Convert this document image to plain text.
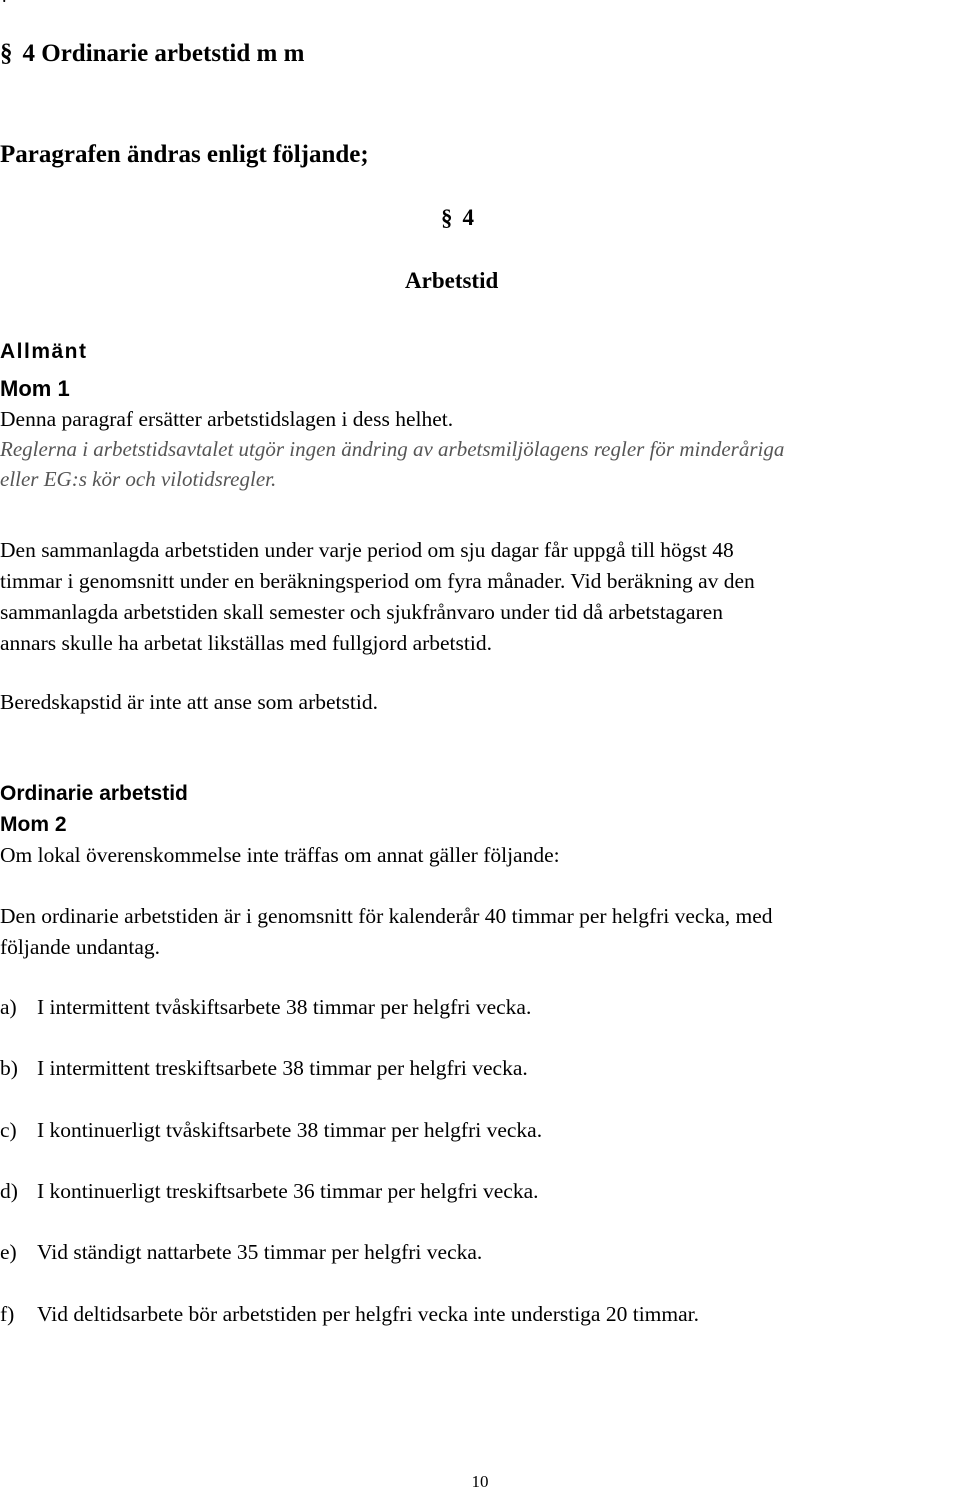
§ 4 Ordinarie arbetstid m m
Paragrafen ändras enligt följande;
§ 4
Arbetstid
Allmänt
Mom 1
Denna paragraf ersätter arbetstidslagen i dess helhet.
Reglerna i arbetstidsavtalet utgör ingen ändring av arbetsmiljölagens regler för minderåriga
eller EG:s kör och vilotidsregler.
Den sammanlagda arbetstiden under varje period om sju dagar får uppgå till högst 48
timmar i genomsnitt under en beräkningsperiod om fyra månader. Vid beräkning av den
sammanlagda arbetstiden skall semester och sjukfrånvaro under tid då arbetstagaren
annars skulle ha arbetat likställas med fullgjord arbetstid.
Beredskapstid är inte att anse som arbetstid.
Ordinarie arbetstid
Mom 2
Om lokal överenskommelse inte träffas om annat gäller följande:
Den ordinarie arbetstiden är i genomsnitt för kalenderår 40 timmar per helgfri vecka, med
följande undantag.
a) I intermittent tvåskiftsarbete 38 timmar per helgfri vecka.
b) I intermittent treskiftsarbete 38 timmar per helgfri vecka.
c) I kontinuerligt tvåskiftsarbete 38 timmar per helgfri vecka.
d) I kontinuerligt treskiftsarbete 36 timmar per helgfri vecka.
e) Vid ständigt nattarbete 35 timmar per helgfri vecka.
f) Vid deltidsarbete bör arbetstiden per helgfri vecka inte understiga 20 timmar.
10
